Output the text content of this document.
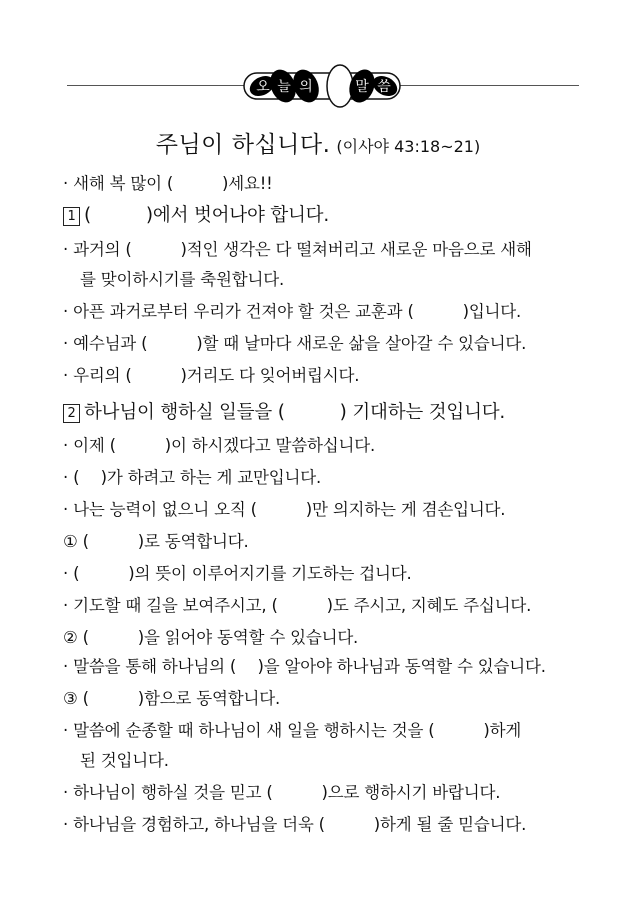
오 늘 의	말 씀
주님이 하십니다. (이사야 43:18~21)
· 새해 복 많이 (　　　)세요!!
1 (　　　)에서 벗어나야 합니다.
· 과거의 (　　　)적인 생각은 다 떨쳐버리고 새로운 마음으로 새해
를 맞이하시기를 축원합니다.
· 아픈 과거로부터 우리가 건져야 할 것은 교훈과 (　　　)입니다.
· 예수님과 (　　　)할 때 날마다 새로운 삶을 살아갈 수 있습니다.
· 우리의 (　　　)거리도 다 잊어버립시다.
2 하나님이 행하실 일들을 (　　　) 기대하는 것입니다.
· 이제 (　　　)이 하시겠다고 말씀하십니다.
· (　 )가 하려고 하는 게 교만입니다.
· 나는 능력이 없으니 오직 (　　　)만 의지하는 게 겸손입니다.
① (　　　)로 동역합니다.
· (　　　)의 뜻이 이루어지기를 기도하는 겁니다.
· 기도할 때 길을 보여주시고, (　　　)도 주시고, 지혜도 주십니다.
② (　　　)을 읽어야 동역할 수 있습니다.
· 말씀을 통해 하나님의 (　 )을 알아야 하나님과 동역할 수 있습니다.
③ (　　　)함으로 동역합니다.
· 말씀에 순종할 때 하나님이 새 일을 행하시는 것을 (　　　)하게
된 것입니다.
· 하나님이 행하실 것을 믿고 (　　　)으로 행하시기 바랍니다.
· 하나님을 경험하고, 하나님을 더욱 (　　　)하게 될 줄 믿습니다.
